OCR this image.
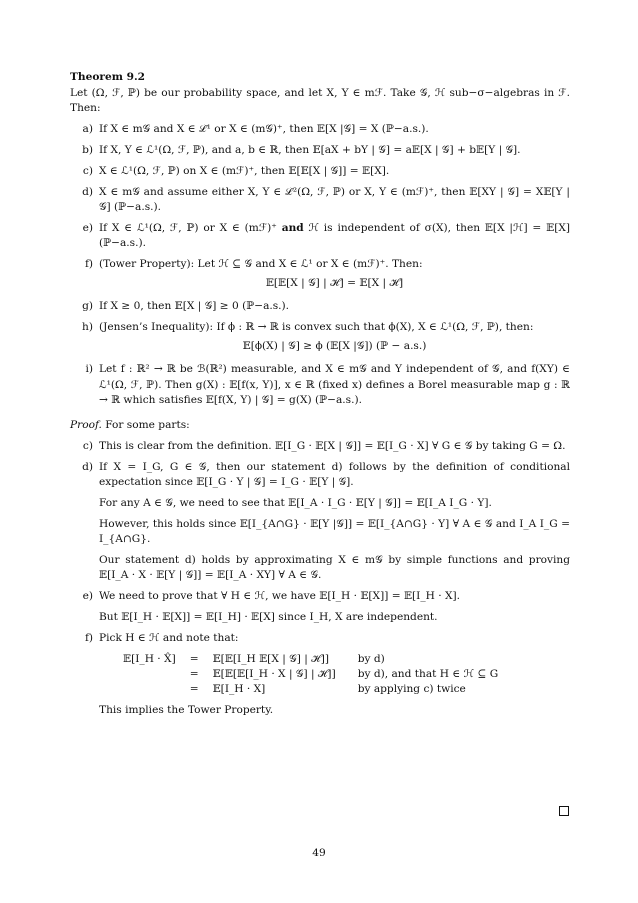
Theorem 9.2

Let (Ω, ℱ, ℙ) be our probability space, and let X, Y ∈ mℱ. Take 𝒢, ℋ sub−σ−algebras in ℱ. Then:

a) If X ∈ m𝒢 and X ∈ ℒ¹ or X ∈ (m𝒢)⁺, then 𝔼[X |𝒢] = X (ℙ−a.s.).
b) If X, Y ∈ ℒ¹(Ω, ℱ, ℙ), and a, b ∈ ℝ, then 𝔼[aX + bY | 𝒢] = a𝔼[X | 𝒢] + b𝔼[Y | 𝒢].
c) X ∈ ℒ¹(Ω, ℱ, ℙ) on X ∈ (mℱ)⁺, then 𝔼[𝔼[X | 𝒢]] = 𝔼[X].
d) X ∈ m𝒢 and assume either X, Y ∈ ℒ²(Ω, ℱ, ℙ) or X, Y ∈ (mℱ)⁺, then 𝔼[XY | 𝒢] = X𝔼[Y | 𝒢] (ℙ−a.s.).
e) If X ∈ ℒ¹(Ω, ℱ, ℙ) or X ∈ (mℱ)⁺ and ℋ is independent of σ(X), then 𝔼[X |ℋ] = 𝔼[X] (ℙ−a.s.).
f) (Tower Property): Let ℋ ⊆ 𝒢 and X ∈ ℒ¹ or X ∈ (mℱ)⁺. Then:
𝔼[𝔼[X | 𝒢] | ℋ] = 𝔼[X | ℋ]
g) If X ≥ 0, then 𝔼[X | 𝒢] ≥ 0 (ℙ−a.s.).
h) (Jensen’s Inequality): If ϕ : ℝ → ℝ is convex such that ϕ(X), X ∈ ℒ¹(Ω, ℱ, ℙ), then:
𝔼[ϕ(X) | 𝒢] ≥ ϕ (𝔼[X |𝒢]) (ℙ − a.s.)
i) Let f : ℝ² → ℝ be ℬ(ℝ²) measurable, and X ∈ m𝒢 and Y independent of 𝒢, and f(XY) ∈ ℒ¹(Ω, ℱ, ℙ). Then g(X) : 𝔼[f(x, Y)], x ∈ ℝ (fixed x) defines a Borel measurable map g : ℝ → ℝ which satisfies 𝔼[f(X, Y) | 𝒢] = g(X) (ℙ−a.s.).

Proof. For some parts:

c) This is clear from the definition. 𝔼[I_G · 𝔼[X | 𝒢]] = 𝔼[I_G · X] ∀ G ∈ 𝒢 by taking G = Ω.
d) If X = I_G, G ∈ 𝒢, then our statement d) follows by the definition of conditional expectation since 𝔼[I_G · Y | 𝒢] = I_G · 𝔼[Y | 𝒢].
For any A ∈ 𝒢, we need to see that 𝔼[I_A · I_G · 𝔼[Y | 𝒢]] = 𝔼[I_A I_G · Y].
However, this holds since 𝔼[I_{A∩G} · 𝔼[Y |𝒢]] = 𝔼[I_{A∩G} · Y] ∀ A ∈ 𝒢 and I_A I_G = I_{A∩G}.
Our statement d) holds by approximating X ∈ m𝒢 by simple functions and proving 𝔼[I_A · X · 𝔼[Y | 𝒢]] = 𝔼[I_A · XY] ∀ A ∈ 𝒢.
e) We need to prove that ∀ H ∈ ℋ, we have 𝔼[I_H · 𝔼[X]] = 𝔼[I_H · X].
But 𝔼[I_H · 𝔼[X]] = 𝔼[I_H] · 𝔼[X] since I_H, X are independent.
f) Pick H ∈ ℋ and note that:
𝔼[I_H · X̂]	=	𝔼[𝔼[I_H 𝔼[X | 𝒢] | ℋ]]	by d)
	=	𝔼[𝔼[𝔼[I_H · X | 𝒢] | ℋ]]	by d), and that H ∈ ℋ ⊆ G
	=	𝔼[I_H · X]	by applying c) twice
This implies the Tower Property.
49
